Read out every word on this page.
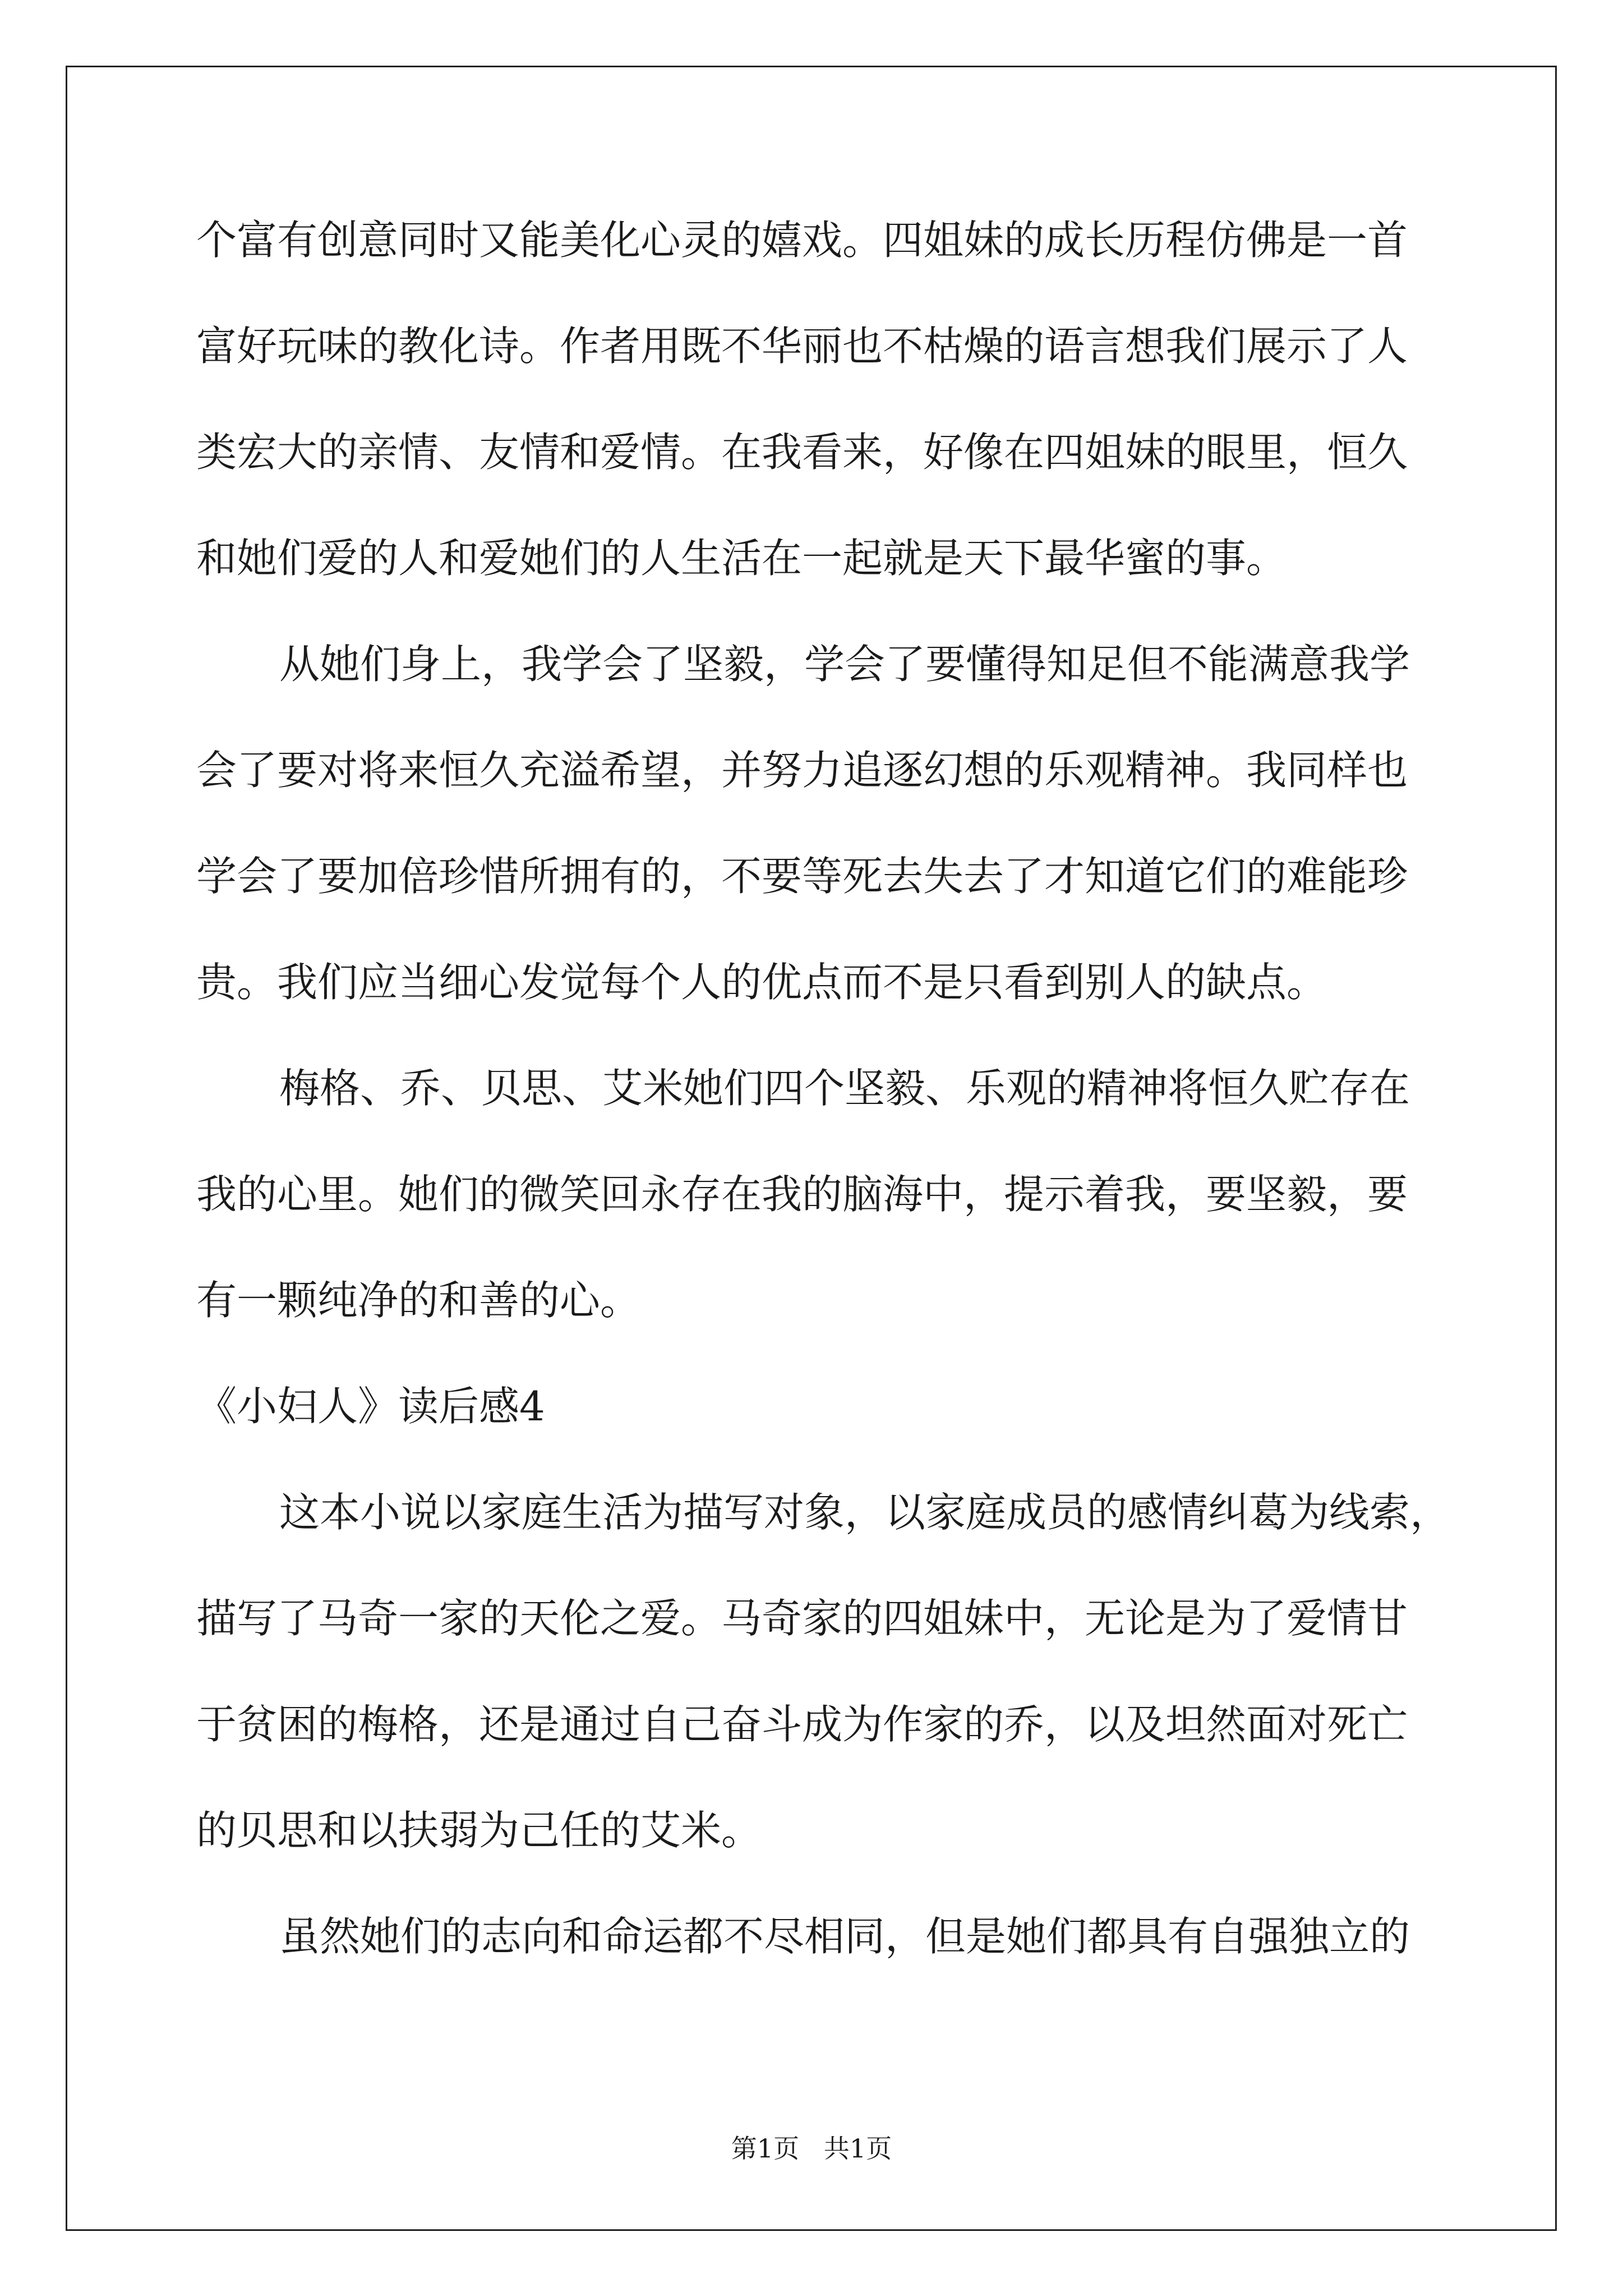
个富有创意同时又能美化心灵的嬉戏。四姐妹的成长历程仿佛是一首
富好玩味的教化诗。作者用既不华丽也不枯燥的语言想我们展示了人
类宏大的亲情、友情和爱情。在我看来，好像在四姐妹的眼里，恒久
和她们爱的人和爱她们的人生活在一起就是天下最华蜜的事。
从她们身上，我学会了坚毅，学会了要懂得知足但不能满意我学
会了要对将来恒久充溢希望，并努力追逐幻想的乐观精神。我同样也
学会了要加倍珍惜所拥有的，不要等死去失去了才知道它们的难能珍
贵。我们应当细心发觉每个人的优点而不是只看到别人的缺点。
梅格、乔、贝思、艾米她们四个坚毅、乐观的精神将恒久贮存在
我的心里。她们的微笑回永存在我的脑海中，提示着我，要坚毅，要
有一颗纯净的和善的心。
《小妇人》读后感4
这本小说以家庭生活为描写对象，以家庭成员的感情纠葛为线索，
描写了马奇一家的天伦之爱。马奇家的四姐妹中，无论是为了爱情甘
于贫困的梅格，还是通过自己奋斗成为作家的乔，以及坦然面对死亡
的贝思和以扶弱为己任的艾米。
虽然她们的志向和命运都不尽相同，但是她们都具有自强独立的
第1页   共1页
